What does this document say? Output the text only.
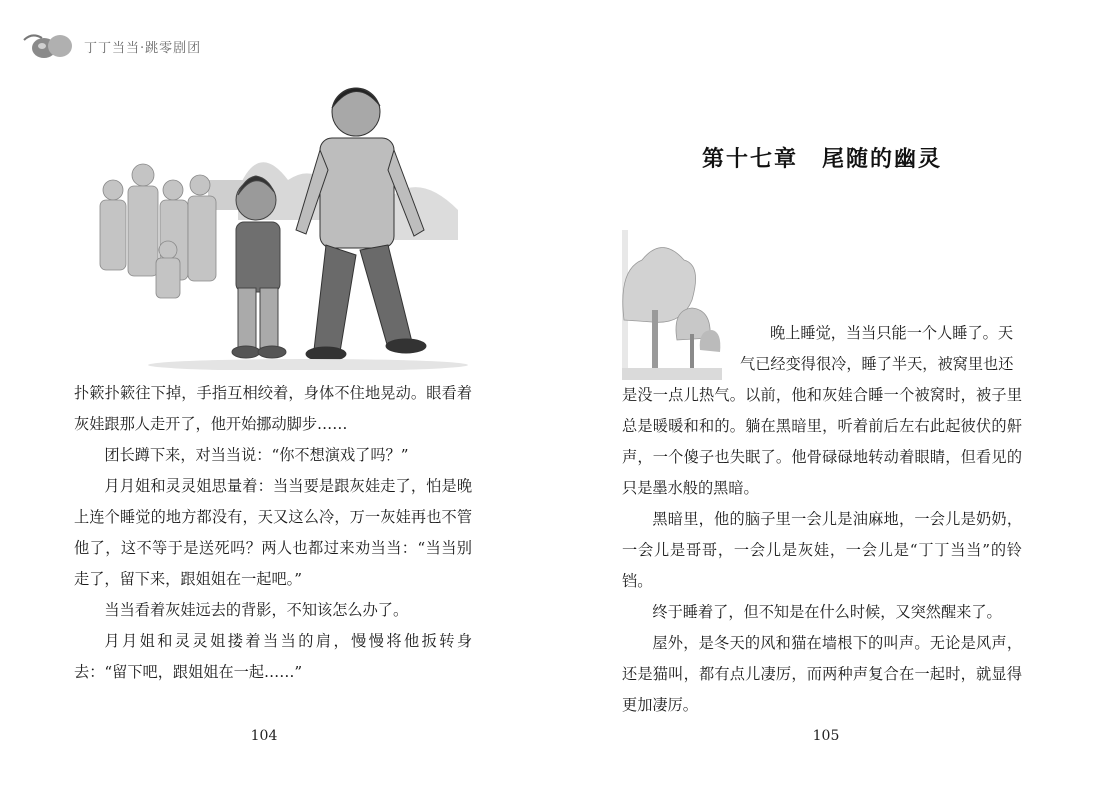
丁丁当当·跳零剧团

扑簌扑簌往下掉，手指互相绞着，身体不住地晃动。眼看着灰娃跟那人走开了，他开始挪动脚步……

团长蹲下来，对当当说：“你不想演戏了吗？”

月月姐和灵灵姐思量着：当当要是跟灰娃走了，怕是晚上连个睡觉的地方都没有，天又这么冷，万一灰娃再也不管他了，这不等于是送死吗？两人也都过来劝当当：“当当别走了，留下来，跟姐姐在一起吧。”

当当看着灰娃远去的背影，不知该怎么办了。

月月姐和灵灵姐搂着当当的肩，慢慢将他扳转身去：“留下吧，跟姐姐在一起……”

104
第十七章 尾随的幽灵
晚上睡觉，当当只能一个人睡了。天
气已经变得很冷，睡了半天，被窝里也还

是没一点儿热气。以前，他和灰娃合睡一个被窝时，被子里总是暖暖和和的。躺在黑暗里，听着前后左右此起彼伏的鼾声，一个傻子也失眠了。他骨碌碌地转动着眼睛，但看见的只是墨水般的黑暗。

黑暗里，他的脑子里一会儿是油麻地，一会儿是奶奶，一会儿是哥哥，一会儿是灰娃，一会儿是“丁丁当当”的铃铛。

终于睡着了，但不知是在什么时候，又突然醒来了。

屋外，是冬天的风和猫在墙根下的叫声。无论是风声，还是猫叫，都有点儿凄厉，而两种声复合在一起时，就显得更加凄厉。

105
